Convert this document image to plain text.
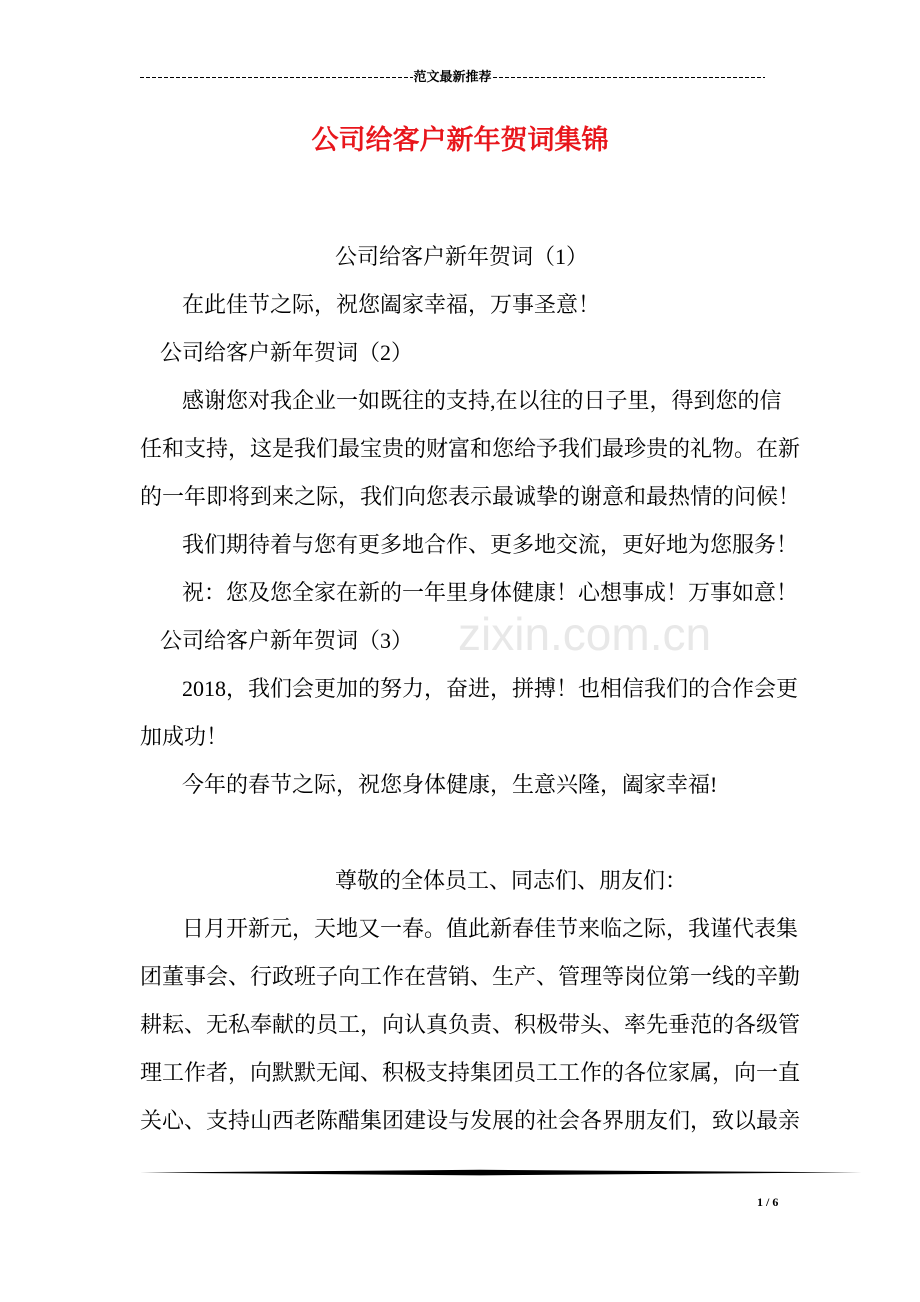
范文最新推荐
公司给客户新年贺词集锦
zixin.com.cn
公司给客户新年贺词（1）
在此佳节之际，祝您阖家幸福，万事圣意！
公司给客户新年贺词（2）
感谢您对我企业一如既往的支持,在以往的日子里，得到您的信
任和支持，这是我们最宝贵的财富和您给予我们最珍贵的礼物。在新
的一年即将到来之际，我们向您表示最诚挚的谢意和最热情的问候！
我们期待着与您有更多地合作、更多地交流，更好地为您服务！
祝：您及您全家在新的一年里身体健康！心想事成！万事如意！
公司给客户新年贺词（3）
2018，我们会更加的努力，奋进，拼搏！也相信我们的合作会更
加成功！
今年的春节之际，祝您身体健康，生意兴隆，阖家幸福!
尊敬的全体员工、同志们、朋友们：
日月开新元，天地又一春。值此新春佳节来临之际，我谨代表集
团董事会、行政班子向工作在营销、生产、管理等岗位第一线的辛勤
耕耘、无私奉献的员工，向认真负责、积极带头、率先垂范的各级管
理工作者，向默默无闻、积极支持集团员工工作的各位家属，向一直
关心、支持山西老陈醋集团建设与发展的社会各界朋友们，致以最亲
1 / 6
